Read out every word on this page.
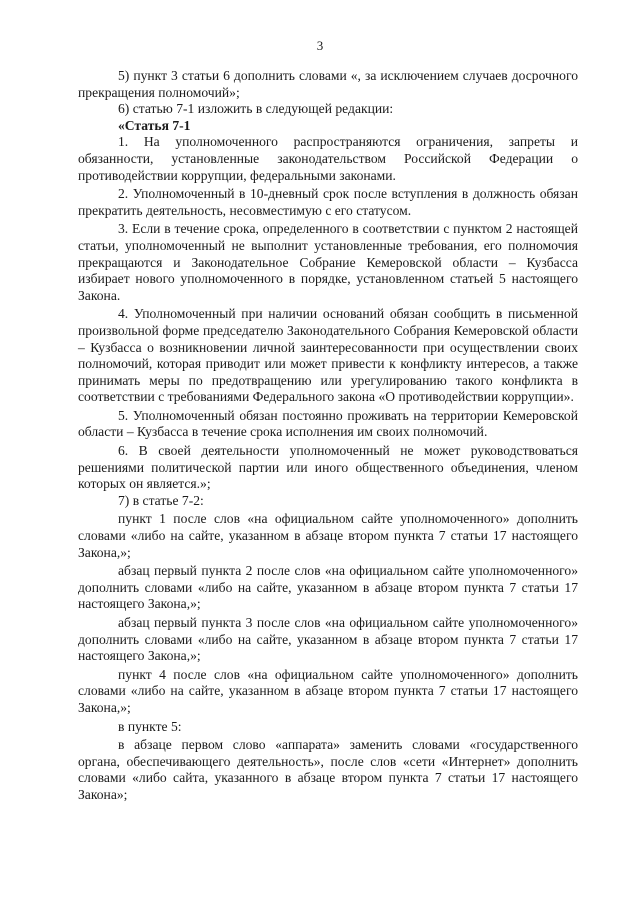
3

5) пункт 3 статьи 6 дополнить словами «, за исключением случаев досрочного прекращения полномочий»;

6) статью 7-1 изложить в следующей редакции:

«Статья 7-1

1. На уполномоченного распространяются ограничения, запреты и обязанности, установленные законодательством Российской Федерации о противодействии коррупции, федеральными законами.

2. Уполномоченный в 10-дневный срок после вступления в должность обязан прекратить деятельность, несовместимую с его статусом.

3. Если в течение срока, определенного в соответствии с пунктом 2 настоящей статьи, уполномоченный не выполнит установленные требования, его полномочия прекращаются и Законодательное Собрание Кемеровской области – Кузбасса избирает нового уполномоченного в порядке, установленном статьей 5 настоящего Закона.

4. Уполномоченный при наличии оснований обязан сообщить в письменной произвольной форме председателю Законодательного Собрания Кемеровской области – Кузбасса о возникновении личной заинтересованности при осуществлении своих полномочий, которая приводит или может привести к конфликту интересов, а также принимать меры по предотвращению или урегулированию такого конфликта в соответствии с требованиями Федерального закона «О противодействии коррупции».

5. Уполномоченный обязан постоянно проживать на территории Кемеровской области – Кузбасса в течение срока исполнения им своих полномочий.

6. В своей деятельности уполномоченный не может руководствоваться решениями политической партии или иного общественного объединения, членом которых он является.»;

7) в статье 7-2:

пункт 1 после слов «на официальном сайте уполномоченного» дополнить словами «либо на сайте, указанном в абзаце втором пункта 7 статьи 17 настоящего Закона,»;

абзац первый пункта 2 после слов «на официальном сайте уполномоченного» дополнить словами «либо на сайте, указанном в абзаце втором пункта 7 статьи 17 настоящего Закона,»;

абзац первый пункта 3 после слов «на официальном сайте уполномоченного» дополнить словами «либо на сайте, указанном в абзаце втором пункта 7 статьи 17 настоящего Закона,»;

пункт 4 после слов «на официальном сайте уполномоченного» дополнить словами «либо на сайте, указанном в абзаце втором пункта 7 статьи 17 настоящего Закона,»;

в пункте 5:

в абзаце первом слово «аппарата» заменить словами «государственного органа, обеспечивающего деятельность», после слов «сети «Интернет» дополнить словами «либо сайта, указанного в абзаце втором пункта 7 статьи 17 настоящего Закона»;
